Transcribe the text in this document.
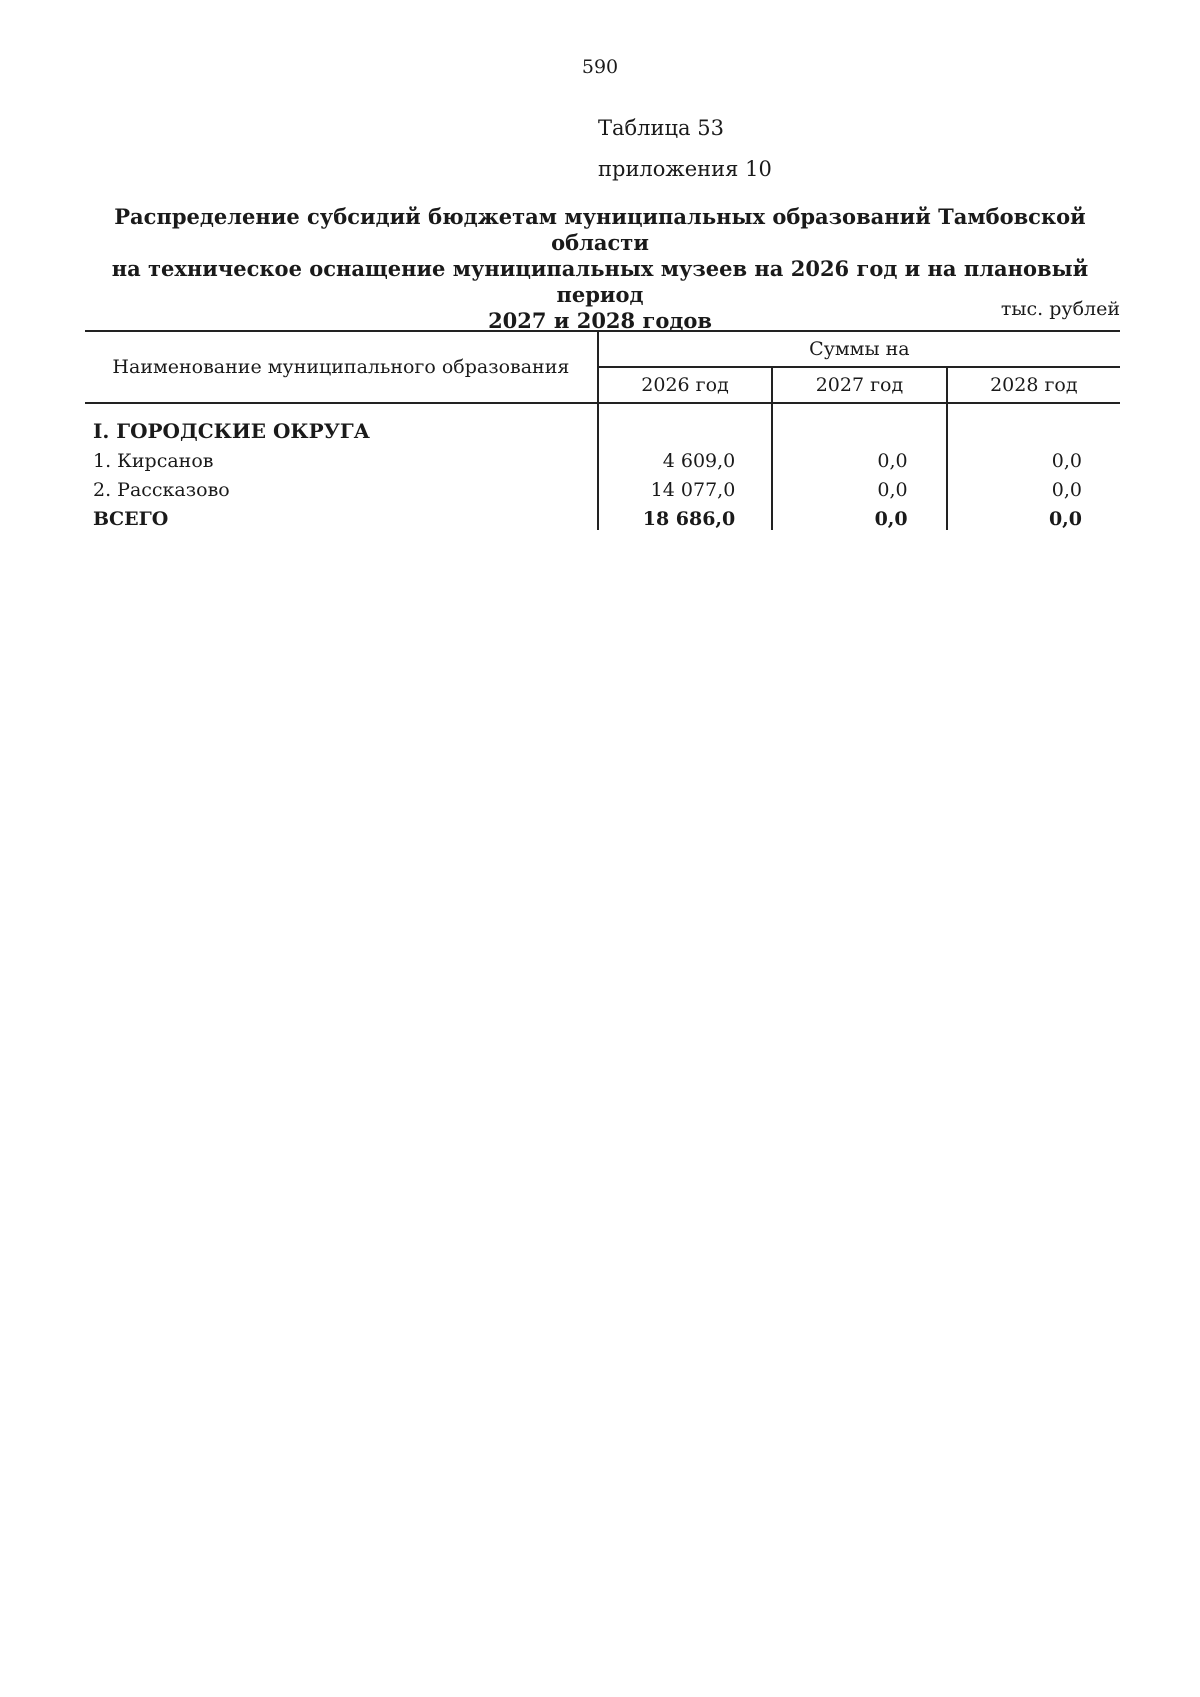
590
Таблица 53
приложения 10
Распределение субсидий бюджетам муниципальных образований Тамбовской области
на техническое оснащение муниципальных музеев на 2026 год и на плановый период
2027 и 2028 годов	тыс. рублей
Наименование муниципального образования	Суммы на		
	2026 год	2027 год	2028 год
I. ГОРОДСКИЕ ОКРУГА			
1. Кирсанов	4 609,0	0,0	0,0
2. Рассказово	14 077,0	0,0	0,0
ВСЕГО	18 686,0	0,0	0,0
